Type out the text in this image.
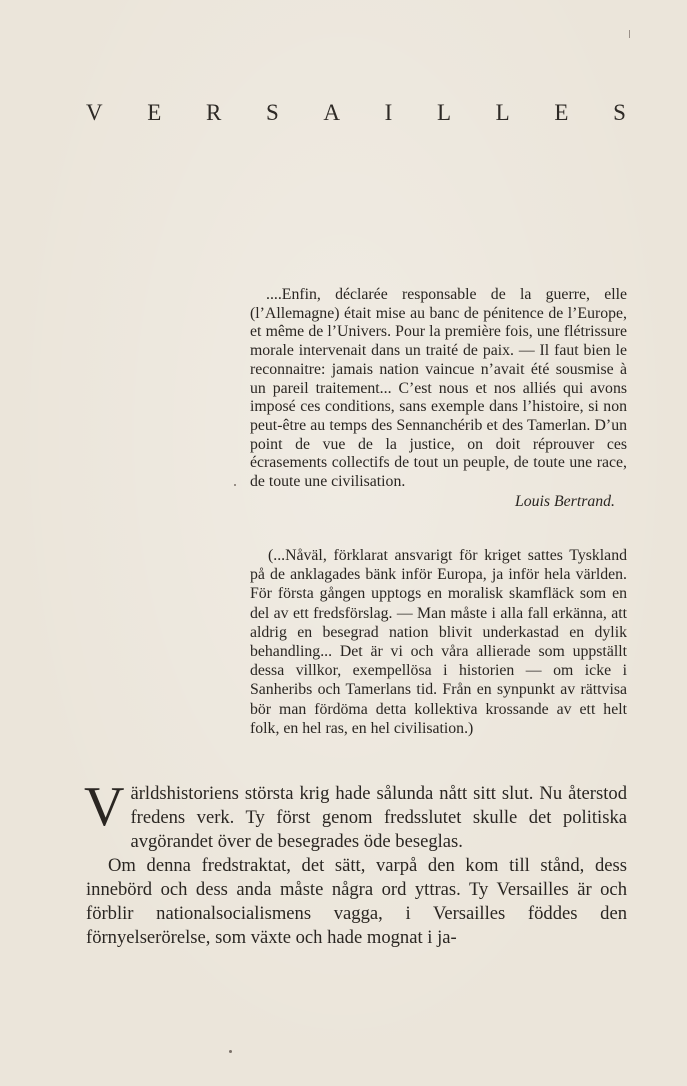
V E R S A I L L E S

....Enfin, déclarée responsable de la guerre, elle (l’Allemagne) était mise au banc de pénitence de l’Europe, et même de l’Univers. Pour la première fois, une flétrissure morale intervenait dans un traité de paix. — Il faut bien le reconnaitre: jamais nation vaincue n’avait été sousmise à un pareil traitement... C’est nous et nos alliés qui avons imposé ces conditions, sans exemple dans l’histoire, si non peut-être au temps des Sennanchérib et des Tamerlan. D’un point de vue de la justice, on doit réprouver ces écrasements collectifs de tout un peuple, de toute une race, de toute une civilisation.

Louis Bertrand.

(...Nåväl, förklarat ansvarigt för kriget sattes Tyskland på de anklagades bänk inför Europa, ja inför hela världen. För första gången upptogs en moralisk skamfläck som en del av ett fredsförslag. — Man måste i alla fall erkänna, att aldrig en besegrad nation blivit underkastad en dylik behandling... Det är vi och våra allierade som uppställt dessa villkor, exempellösa i historien — om icke i Sanheribs och Tamerlans tid. Från en synpunkt av rättvisa bör man fördöma detta kollektiva krossande av ett helt folk, en hel ras, en hel civilisation.)

Världshistoriens största krig hade sålunda nått sitt slut. Nu återstod fredens verk. Ty först genom fredsslutet skulle det politiska avgörandet över de besegrades öde beseglas.

Om denna fredstraktat, det sätt, varpå den kom till stånd, dess innebörd och dess anda måste några ord yttras. Ty Versailles är och förblir nationalsocialismens vagga, i Versailles föddes den förnyelserörelse, som växte och hade mognat i ja-
